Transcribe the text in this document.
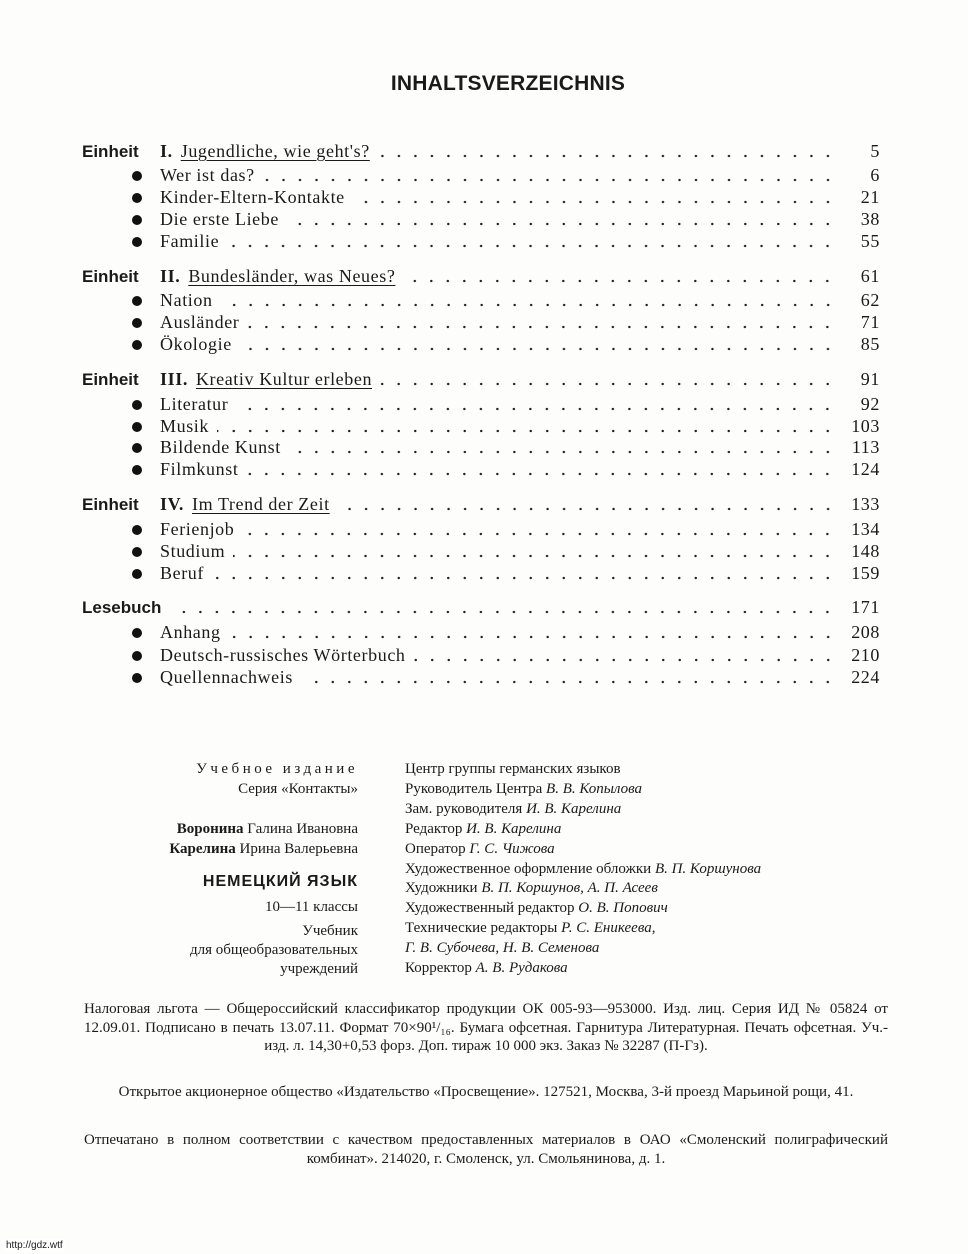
INHALTSVERZEICHNIS
Einheit	I. Jugendliche, wie geht's?	5
Wer ist das?	6
Kinder-Eltern-Kontakte	21
Die erste Liebe	38
Familie	55
Einheit	II. Bundesländer, was Neues?	61
Nation	62
Ausländer	71
Ökologie	85
Einheit	III. Kreativ Kultur erleben	91
Literatur	92
Musik	103
Bildende Kunst	113
Filmkunst	124
Einheit	IV. Im Trend der Zeit	133
Ferienjob	134
Studium	148
Beruf	159
Lesebuch	171
Anhang	208
Deutsch-russisches Wörterbuch	210
Quellennachweis	224
Учебное издание
Серия «Контакты»
Воронина Галина Ивановна
Карелина Ирина Валерьевна
НЕМЕЦКИЙ ЯЗЫК
10—11 классы
Учебник
для общеобразовательных
учреждений
Центр группы германских языков
Руководитель Центра В. В. Копылова
Зам. руководителя И. В. Карелина
Редактор И. В. Карелина
Оператор Г. С. Чижова
Художественное оформление обложки В. П. Коршунова
Художники В. П. Коршунов, А. П. Асеев
Художественный редактор О. В. Попович
Технические редакторы Р. С. Еникеева,
Г. В. Субочева, Н. В. Семенова
Корректор А. В. Рудакова
Налоговая льгота — Общероссийский классификатор продукции ОК 005-93—953000. Изд. лиц. Серия ИД № 05824 от 12.09.01. Подписано в печать 13.07.11. Формат 70×90¹/₁₆. Бумага офсетная. Гарнитура Литературная. Печать офсетная. Уч.-изд. л. 14,30+0,53 форз. Доп. тираж 10 000 экз. Заказ № 32287 (П-Гз).
Открытое акционерное общество «Издательство «Просвещение». 127521, Москва, 3-й проезд Марьиной рощи, 41.
Отпечатано в полном соответствии с качеством предоставленных материалов в ОАО «Смоленский полиграфический комбинат». 214020, г. Смоленск, ул. Смольянинова, д. 1.
http://gdz.wtf
